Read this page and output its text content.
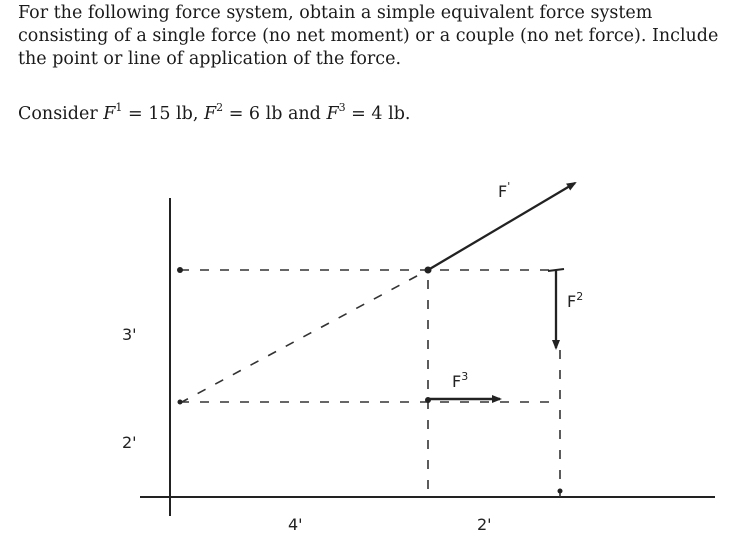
For the following force system, obtain a simple equivalent force system consisting of a single force (no net moment) or a couple (no net force). Include the point or line of application of the force.

Consider $F^1 = 15$ lb, $F^2 = 6$ lb and $F^3 = 4$ lb.

F'
$F^2$
$F^3$
3'
2'
4'	2'
